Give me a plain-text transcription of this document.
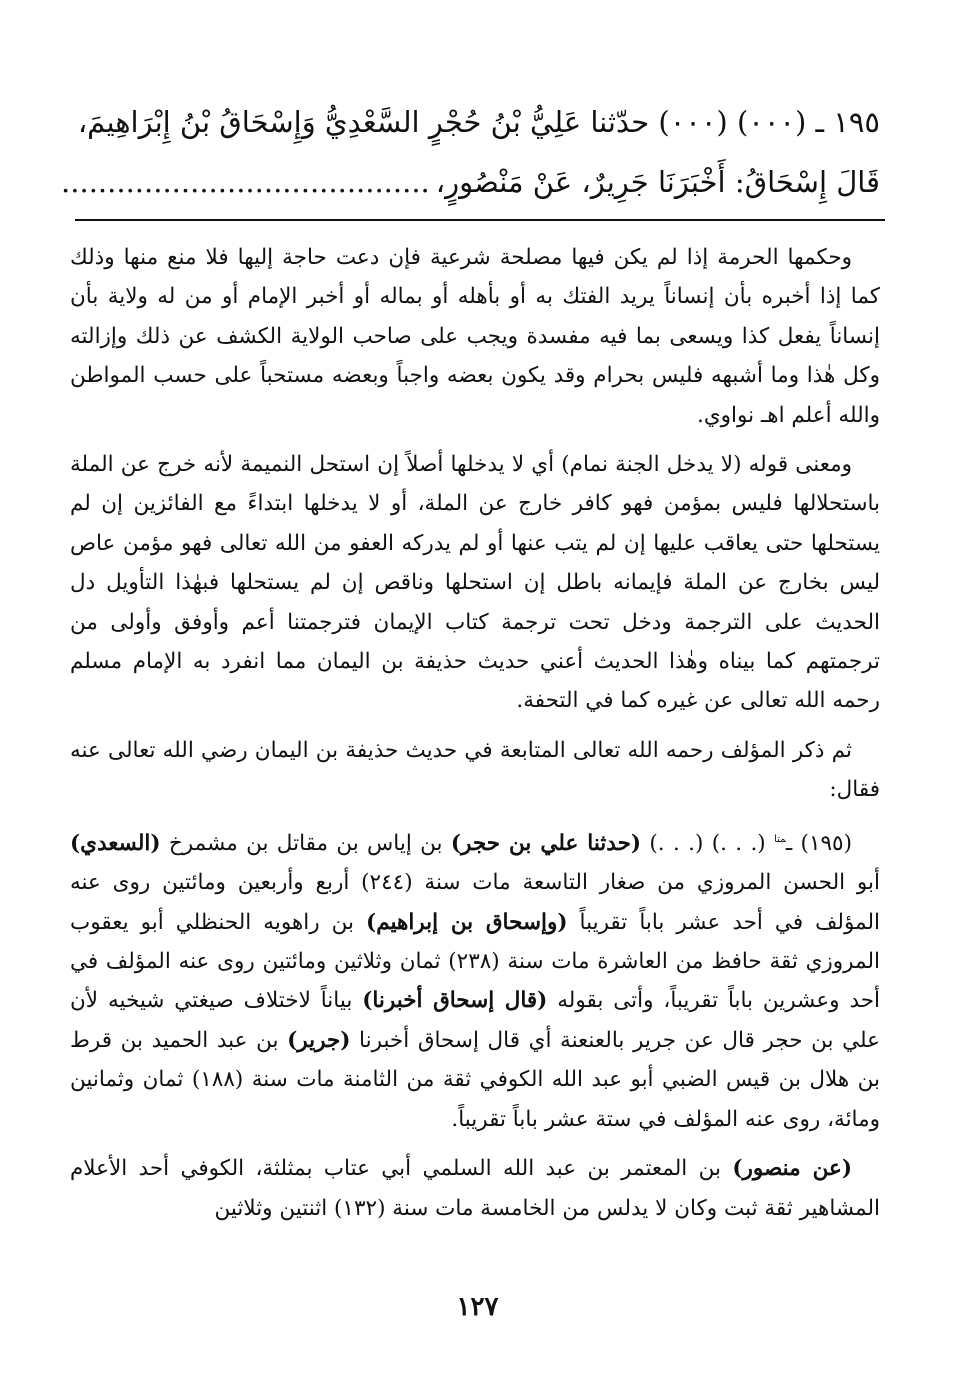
١٩٥ ـ (٠٠٠) (٠٠٠) حدّثنا عَلِيُّ بْنُ حُجْرٍ السَّعْدِيُّ وَإِسْحَاقُ بْنُ إِبْرَاهِيمَ،
قَالَ إِسْحَاقُ: أَخْبَرَنَا جَرِيرٌ، عَنْ مَنْصُورٍ،........................................

وحكمها الحرمة إذا لم يكن فيها مصلحة شرعية فإن دعت حاجة إليها فلا منع منها وذلك كما إذا أخبره بأن إنساناً يريد الفتك به أو بأهله أو بماله أو أخبر الإمام أو من له ولاية بأن إنساناً يفعل كذا ويسعى بما فيه مفسدة ويجب على صاحب الولاية الكشف عن ذلك وإزالته وكل هٰذا وما أشبهه فليس بحرام وقد يكون بعضه واجباً وبعضه مستحباً على حسب المواطن والله أعلم اهـ نواوي.

ومعنى قوله (لا يدخل الجنة نمام) أي لا يدخلها أصلاً إن استحل النميمة لأنه خرج عن الملة باستحلالها فليس بمؤمن فهو كافر خارج عن الملة، أو لا يدخلها ابتداءً مع الفائزين إن لم يستحلها حتى يعاقب عليها إن لم يتب عنها أو لم يدركه العفو من الله تعالى فهو مؤمن عاص ليس بخارج عن الملة فإيمانه باطل إن استحلها وناقص إن لم يستحلها فبهٰذا التأويل دل الحديث على الترجمة ودخل تحت ترجمة كتاب الإيمان فترجمتنا أعم وأوفق وأولى من ترجمتهم كما بيناه وهٰذا الحديث أعني حديث حذيفة بن اليمان مما انفرد به الإمام مسلم رحمه الله تعالى عن غيره كما في التحفة.

ثم ذكر المؤلف رحمه الله تعالى المتابعة في حديث حذيفة بن اليمان رضي الله تعالى عنه فقال:

(١٩٥) ـ$^{متا}$ (. . .) (. . .) (حدثنا علي بن حجر) بن إياس بن مقاتل بن مشمرخ (السعدي) أبو الحسن المروزي من صغار التاسعة مات سنة (٢٤٤) أربع وأربعين ومائتين روى عنه المؤلف في أحد عشر باباً تقريباً (وإسحاق بن إبراهيم) بن راهويه الحنظلي أبو يعقوب المروزي ثقة حافظ من العاشرة مات سنة (٢٣٨) ثمان وثلاثين ومائتين روى عنه المؤلف في أحد وعشرين باباً تقريباً، وأتى بقوله (قال إسحاق أخبرنا) بياناً لاختلاف صيغتي شيخيه لأن علي بن حجر قال عن جرير بالعنعنة أي قال إسحاق أخبرنا (جرير) بن عبد الحميد بن قرط بن هلال بن قيس الضبي أبو عبد الله الكوفي ثقة من الثامنة مات سنة (١٨٨) ثمان وثمانين ومائة، روى عنه المؤلف في ستة عشر باباً تقريباً.

(عن منصور) بن المعتمر بن عبد الله السلمي أبي عتاب بمثلثة، الكوفي أحد الأعلام المشاهير ثقة ثبت وكان لا يدلس من الخامسة مات سنة (١٣٢) اثنتين وثلاثين

١٢٧
